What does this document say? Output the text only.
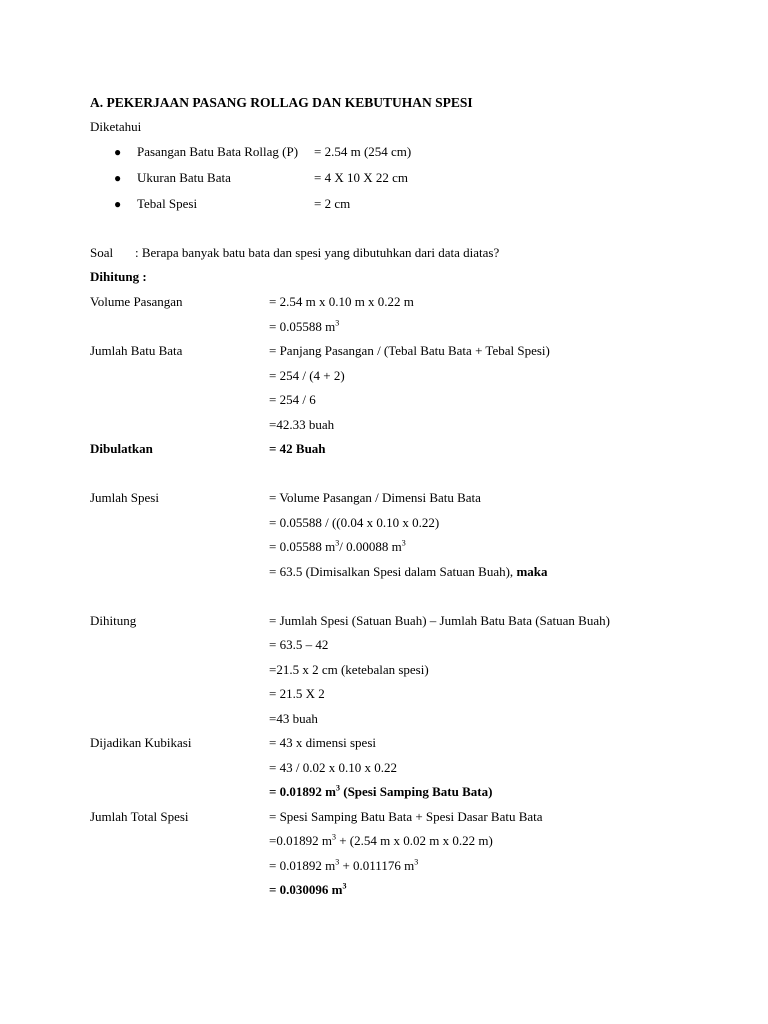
A. PEKERJAAN PASANG ROLLAG DAN KEBUTUHAN SPESI
Diketahui
● Pasangan Batu Bata Rollag (P) = 2.54 m (254 cm)
● Ukuran Batu Bata	= 4 X 10 X 22 cm
● Tebal Spesi	= 2 cm
Soal : Berapa banyak batu bata dan spesi yang dibutuhkan dari data diatas?
Dihitung :
Volume Pasangan	= 2.54 m x 0.10 m x 0.22 m
= 0.05588 $m^3$
Jumlah Batu Bata	= Panjang Pasangan / (Tebal Batu Bata + Tebal Spesi)
= 254 / (4 + 2)
= 254 / 6
=42.33 buah
Dibulatkan	= 42 Buah
Jumlah Spesi	= Volume Pasangan / Dimensi Batu Bata
= 0.05588 / ((0.04 x 0.10 x 0.22)
= 0.05588 $m^3/$ 0.00088 $m^3$
= 63.5 (Dimisalkan Spesi dalam Satuan Buah), maka
Dihitung	= Jumlah Spesi (Satuan Buah) – Jumlah Batu Bata (Satuan Buah)
= 63.5 – 42
=21.5 x 2 cm (ketebalan spesi)
= 21.5 X 2
=43 buah
Dijadikan Kubikasi	= 43 x dimensi spesi
= 43 / 0.02 x 0.10 x 0.22
= 0.01892 $m^3$ (Spesi Samping Batu Bata)
Jumlah Total Spesi	= Spesi Samping Batu Bata + Spesi Dasar Batu Bata
=0.01892 $m^3 + (2.54$ m x 0.02 m x 0.22 m)
= 0.01892 $m^3 + 0.011176$ $m^3$
= 0.030096 $m^3$
